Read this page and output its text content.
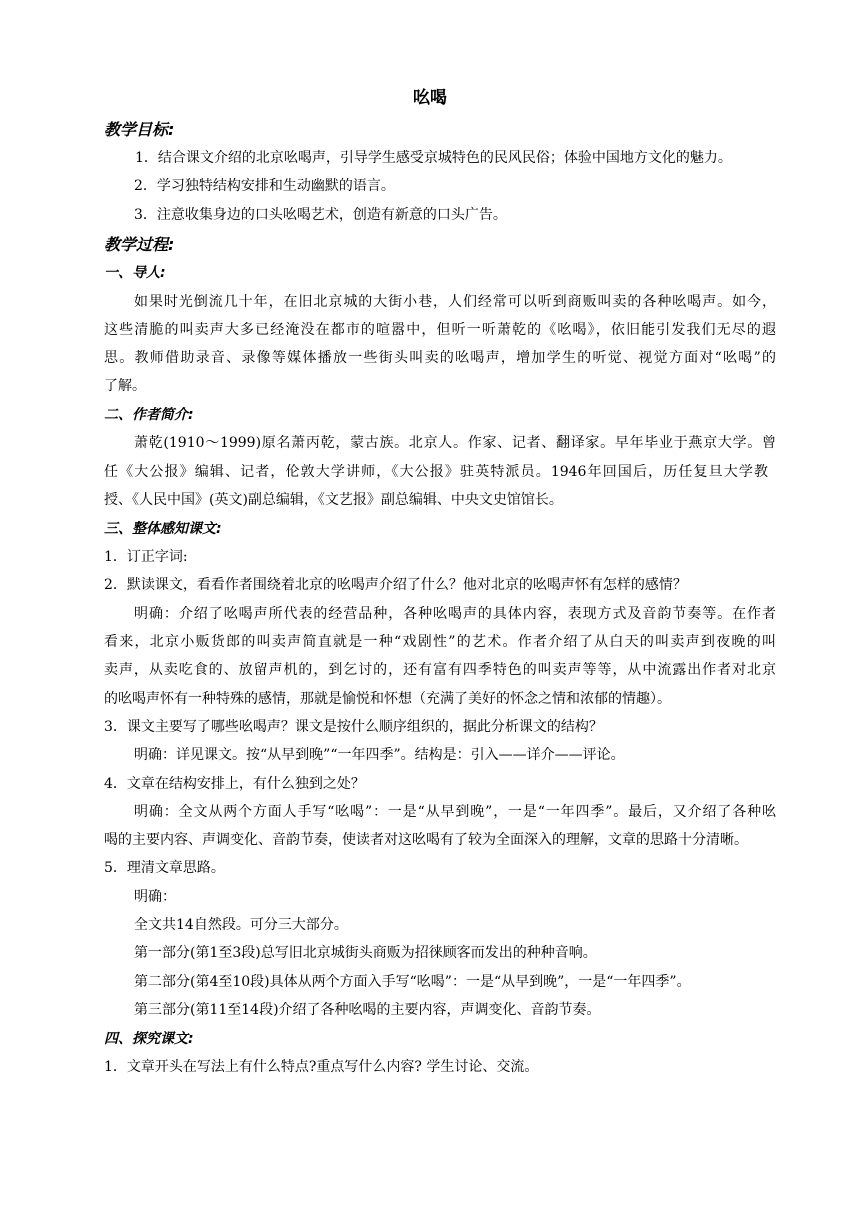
吆喝
教学目标:
1．结合课文介绍的北京吆喝声，引导学生感受京城特色的民风民俗；体验中国地方文化的魅力。
2．学习独特结构安排和生动幽默的语言。
3．注意收集身边的口头吆喝艺术，创造有新意的口头广告。
教学过程:
一、导人:
如果时光倒流几十年，在旧北京城的大街小巷，人们经常可以听到商贩叫卖的各种吆喝声。如今，
这些清脆的叫卖声大多已经淹没在都市的喧嚣中，但听一听萧乾的《吆喝》，依旧能引发我们无尽的遐
思。教师借助录音、录像等媒体播放一些街头叫卖的吆喝声，增加学生的听觉、视觉方面对“吆喝”的
了解。
二、作者简介:
萧乾(1910～1999)原名萧丙乾，蒙古族。北京人。作家、记者、翻译家。早年毕业于燕京大学。曾
任《大公报》编辑、记者，伦敦大学讲师，《大公报》驻英特派员。1946年回国后，历任复旦大学教
授、《人民中国》(英文)副总编辑，《文艺报》副总编辑、中央文史馆馆长。
三、整体感知课文:
1．订正字词:
2．默读课文，看看作者围绕着北京的吆喝声介绍了什么？他对北京的吆喝声怀有怎样的感情？
明确：介绍了吆喝声所代表的经营品种，各种吆喝声的具体内容，表现方式及音韵节奏等。在作者
看来，北京小贩货郎的叫卖声简直就是一种“戏剧性”的艺术。作者介绍了从白天的叫卖声到夜晚的叫
卖声，从卖吃食的、放留声机的，到乞讨的，还有富有四季特色的叫卖声等等，从中流露出作者对北京
的吆喝声怀有一种特殊的感情，那就是愉悦和怀想（充满了美好的怀念之情和浓郁的情趣）。
3．课文主要写了哪些吆喝声？课文是按什么顺序组织的，据此分析课文的结构？
明确：详见课文。按“从早到晚”“一年四季”。结构是：引入——详介——评论。
4．文章在结构安排上，有什么独到之处？
明确：全文从两个方面人手写“吆喝”：一是“从早到晚”，一是“一年四季”。最后，又介绍了各种吆
喝的主要内容、声调变化、音韵节奏，使读者对这吆喝有了较为全面深入的理解，文章的思路十分清晰。
5．理清文章思路。
明确：
全文共14自然段。可分三大部分。
第一部分(第1至3段)总写旧北京城街头商贩为招徕顾客而发出的种种音响。
第二部分(第4至10段)具体从两个方面入手写“吆喝”：一是“从早到晚”，一是“一年四季”。
第三部分(第11至14段)介绍了各种吆喝的主要内容，声调变化、音韵节奏。
四、探究课文:
1．文章开头在写法上有什么特点?重点写什么内容? 学生讨论、交流。
